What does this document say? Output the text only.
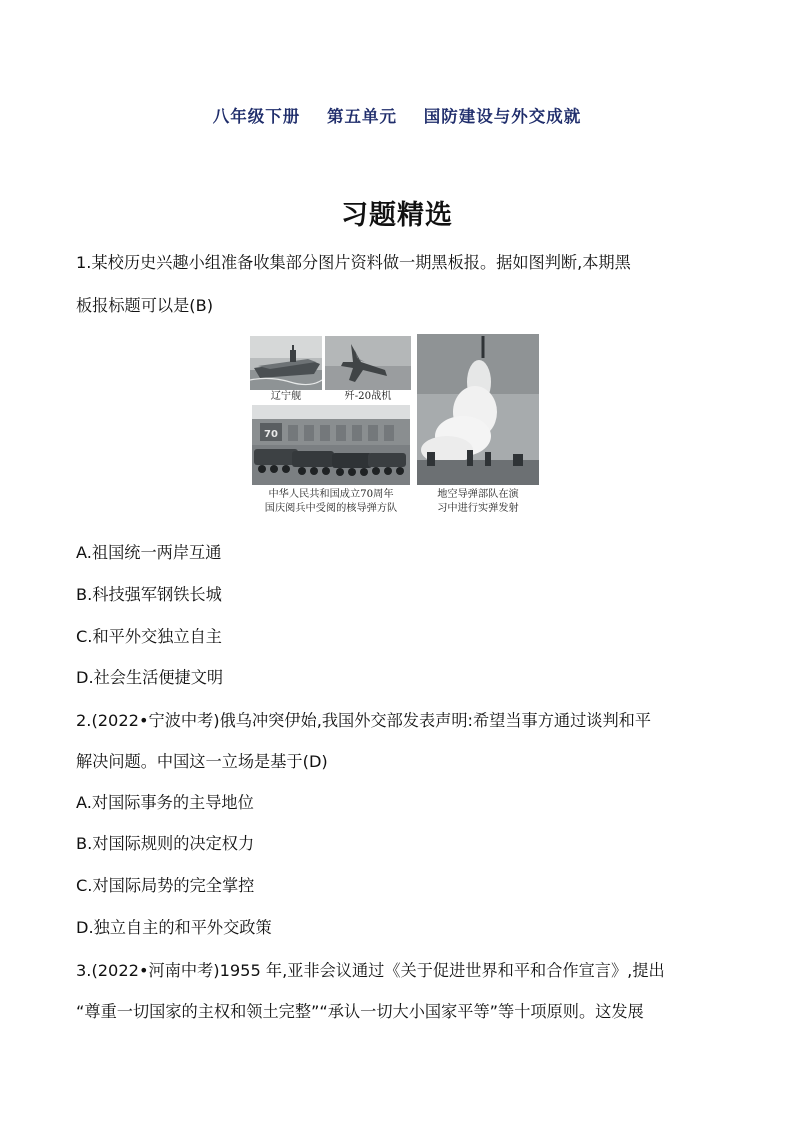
八年级下册 第五单元 国防建设与外交成就
习题精选
1.某校历史兴趣小组准备收集部分图片资料做一期黑板报。据如图判断,本期黑
板报标题可以是(B)
辽宁舰	歼-20战机
70
中华人民共和国成立70周年
国庆阅兵中受阅的核导弹方队
地空导弹部队在演
习中进行实弹发射
A.祖国统一两岸互通
B.科技强军钢铁长城
C.和平外交独立自主
D.社会生活便捷文明
2.(2022•宁波中考)俄乌冲突伊始,我国外交部发表声明:希望当事方通过谈判和平
解决问题。中国这一立场是基于(D)
A.对国际事务的主导地位
B.对国际规则的决定权力
C.对国际局势的完全掌控
D.独立自主的和平外交政策
3.(2022•河南中考)1955 年,亚非会议通过《关于促进世界和平和合作宣言》,提出
“尊重一切国家的主权和领土完整”“承认一切大小国家平等”等十项原则。这发展
